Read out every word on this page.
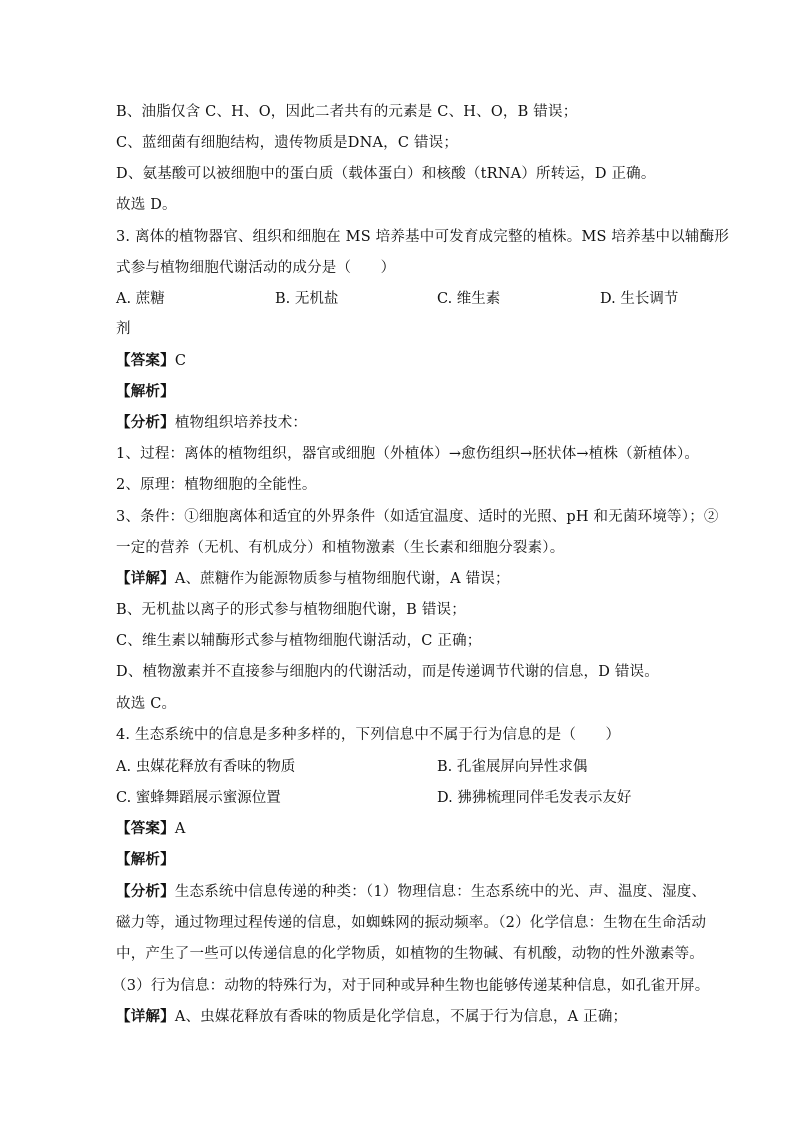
B、油脂仅含 C、H、O，因此二者共有的元素是 C、H、O，B 错误；
C、蓝细菌有细胞结构，遗传物质是DNA，C 错误；
D、氨基酸可以被细胞中的蛋白质（载体蛋白）和核酸（tRNA）所转运，D 正确。
故选 D。
3. 离体的植物器官、组织和细胞在 MS 培养基中可发育成完整的植株。MS 培养基中以辅酶形
式参与植物细胞代谢活动的成分是（　　）
A. 蔗糖	B. 无机盐	C. 维生素	D. 生长调节
剂
【答案】C
【解析】
【分析】植物组织培养技术：
1、过程：离体的植物组织，器官或细胞（外植体）→愈伤组织→胚状体→植株（新植体）。
2、原理：植物细胞的全能性。
3、条件：①细胞离体和适宜的外界条件（如适宜温度、适时的光照、pH 和无菌环境等）；②
一定的营养（无机、有机成分）和植物激素（生长素和细胞分裂素）。
【详解】A、蔗糖作为能源物质参与植物细胞代谢，A 错误；
B、无机盐以离子的形式参与植物细胞代谢，B 错误；
C、维生素以辅酶形式参与植物细胞代谢活动，C 正确；
D、植物激素并不直接参与细胞内的代谢活动，而是传递调节代谢的信息，D 错误。
故选 C。
4. 生态系统中的信息是多种多样的，下列信息中不属于行为信息的是（　　）
A. 虫媒花释放有香味的物质	B. 孔雀展屏向异性求偶
C. 蜜蜂舞蹈展示蜜源位置	D. 狒狒梳理同伴毛发表示友好
【答案】A
【解析】
【分析】生态系统中信息传递的种类：（1）物理信息：生态系统中的光、声、温度、湿度、
磁力等，通过物理过程传递的信息，如蜘蛛网的振动频率。（2）化学信息：生物在生命活动
中，产生了一些可以传递信息的化学物质，如植物的生物碱、有机酸，动物的性外激素等。
（3）行为信息：动物的特殊行为，对于同种或异种生物也能够传递某种信息，如孔雀开屏。
【详解】A、虫媒花释放有香味的物质是化学信息，不属于行为信息，A 正确；
